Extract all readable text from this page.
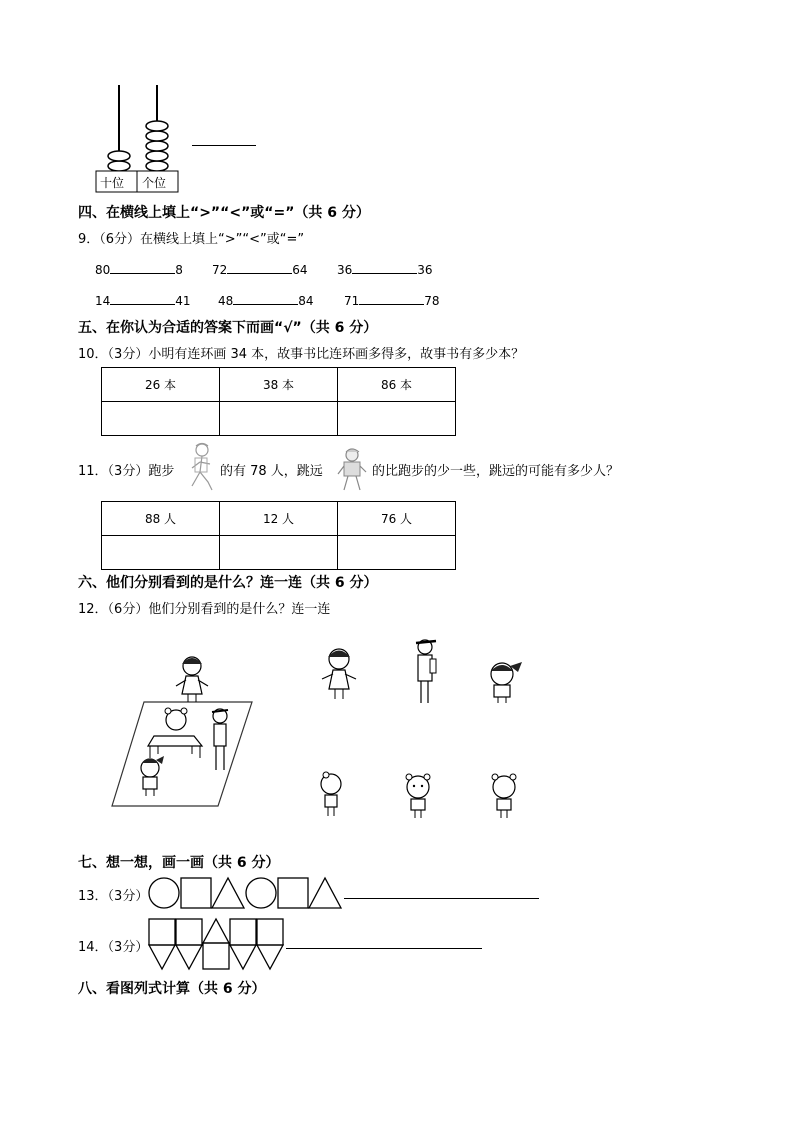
十位 个位
四、在横线上填上“>”“<”或“=”（共 6 分）
9．（6分）在横线上填上“>”“<”或“=”
80	8 72	64 36	36
14	41 48	84	71	78
五、在你认为合适的答案下而画“√”（共 6 分）
10．（3分）小明有连环画 34 本，故事书比连环画多得多，故事书有多少本？
26 本	38 本	86 本

11．（3分）跑步	的有 78 人，跳远	的比跑步的少一些，跳远的可能有多少人？
88 人	12 人	76 人

六、他们分别看到的是什么？连一连（共 6 分）
12．（6分）他们分别看到的是什么？连一连
七、想一想，画一画（共 6 分）
13．（3分）
14．（3分）
八、看图列式计算（共 6 分）
